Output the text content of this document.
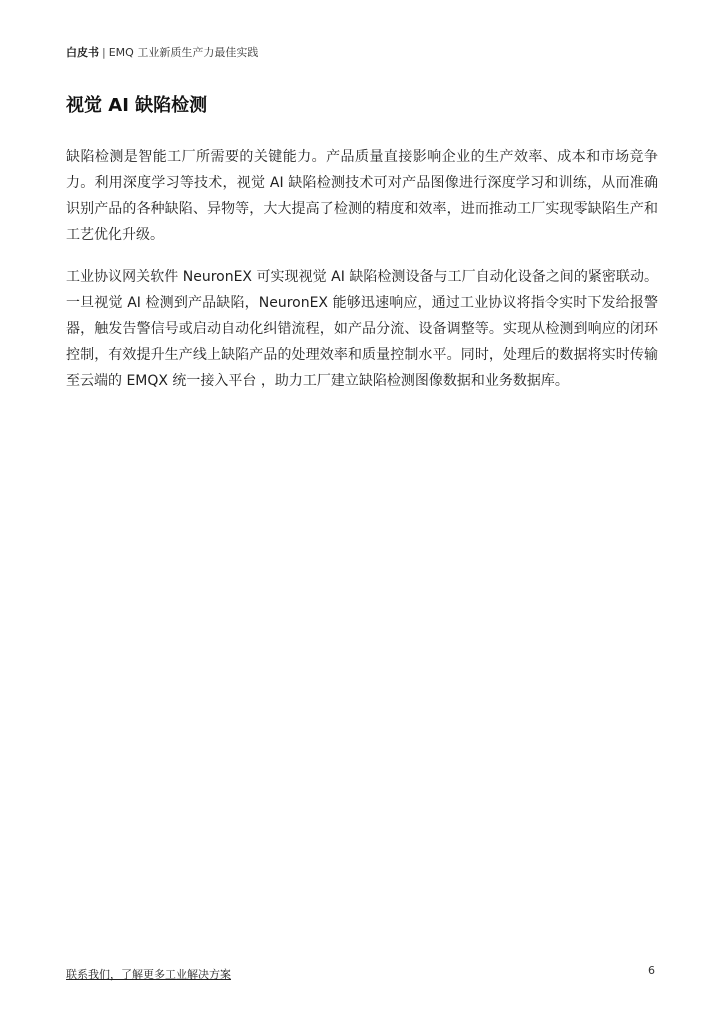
白皮书 | EMQ 工业新质生产力最佳实践
视觉 AI 缺陷检测

缺陷检测是智能工厂所需要的关键能力。产品质量直接影响企业的生产效率、成本和市场竞争力。利用深度学习等技术，视觉 AI 缺陷检测技术可对产品图像进行深度学习和训练，从而准确识别产品的各种缺陷、异物等，大大提高了检测的精度和效率，进而推动工厂实现零缺陷生产和工艺优化升级。

工业协议网关软件 NeuronEX 可实现视觉 AI 缺陷检测设备与工厂自动化设备之间的紧密联动。一旦视觉 AI 检测到产品缺陷，NeuronEX 能够迅速响应，通过工业协议将指令实时下发给报警器，触发告警信号或启动自动化纠错流程，如产品分流、设备调整等。实现从检测到响应的闭环控制，有效提升生产线上缺陷产品的处理效率和质量控制水平。同时，处理后的数据将实时传输至云端的 EMQX 统一接入平台 ，助力工厂建立缺陷检测图像数据和业务数据库。

联系我们，了解更多工业解决方案	6
